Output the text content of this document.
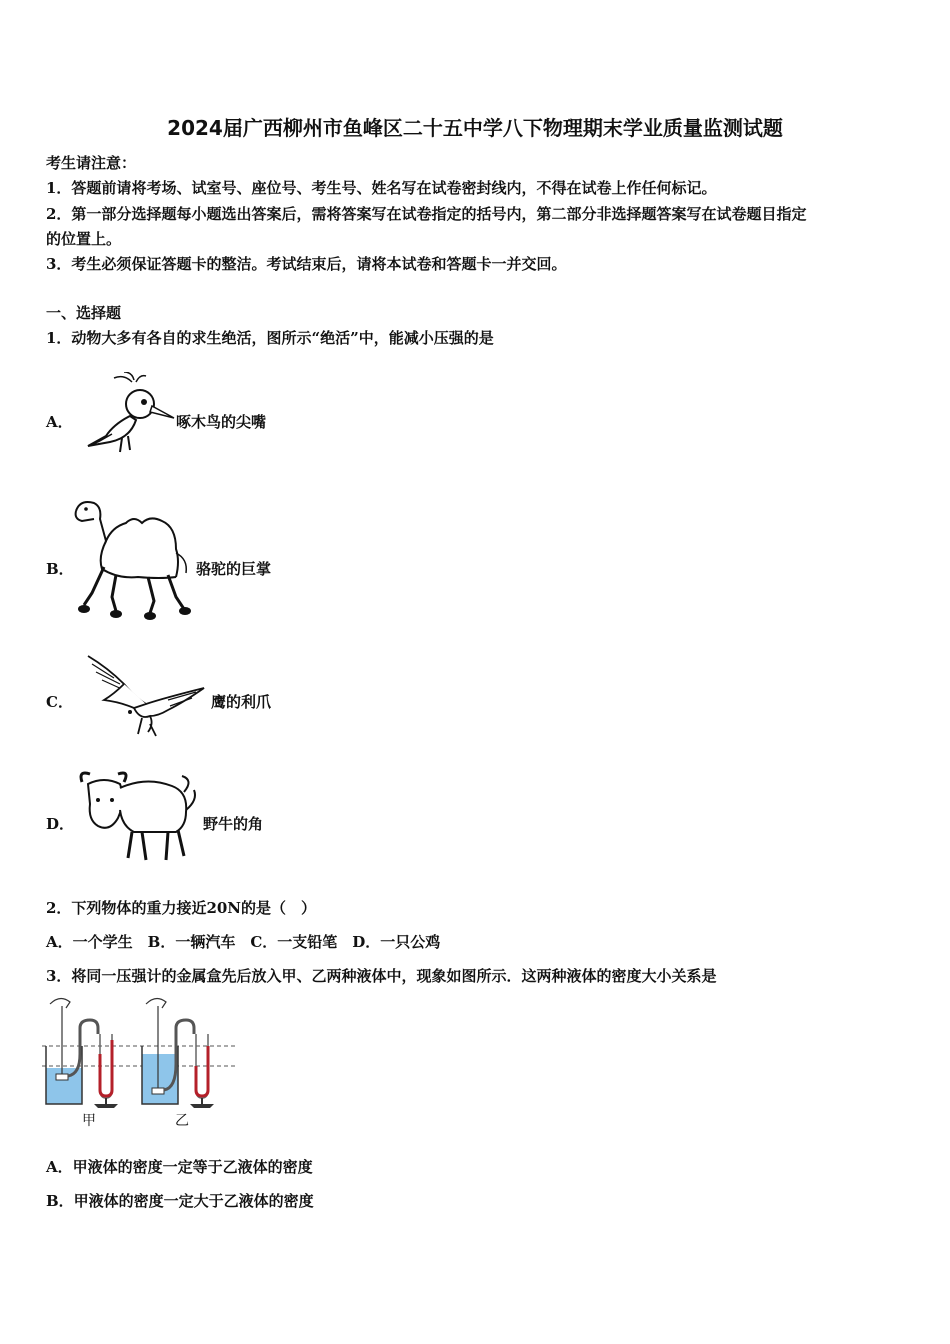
2024届广西柳州市鱼峰区二十五中学八下物理期末学业质量监测试题
考生请注意：
1．答题前请将考场、试室号、座位号、考生号、姓名写在试卷密封线内，不得在试卷上作任何标记。
2．第一部分选择题每小题选出答案后，需将答案写在试卷指定的括号内，第二部分非选择题答案写在试卷题目指定
的位置上。
3．考生必须保证答题卡的整洁。考试结束后，请将本试卷和答题卡一并交回。
一、选择题
1．动物大多有各自的求生绝活，图所示“绝活”中，能减小压强的是
A．	啄木鸟的尖嘴
B．	骆驼的巨掌
C．	鹰的利爪
D．	野牛的角
2．下列物体的重力接近20N的是（　）
A．一个学生　B．一辆汽车　C．一支铅笔　D．一只公鸡
3．将同一压强计的金属盒先后放入甲、乙两种液体中，现象如图所示．这两种液体的密度大小关系是
甲	乙
A．甲液体的密度一定等于乙液体的密度
B．甲液体的密度一定大于乙液体的密度
